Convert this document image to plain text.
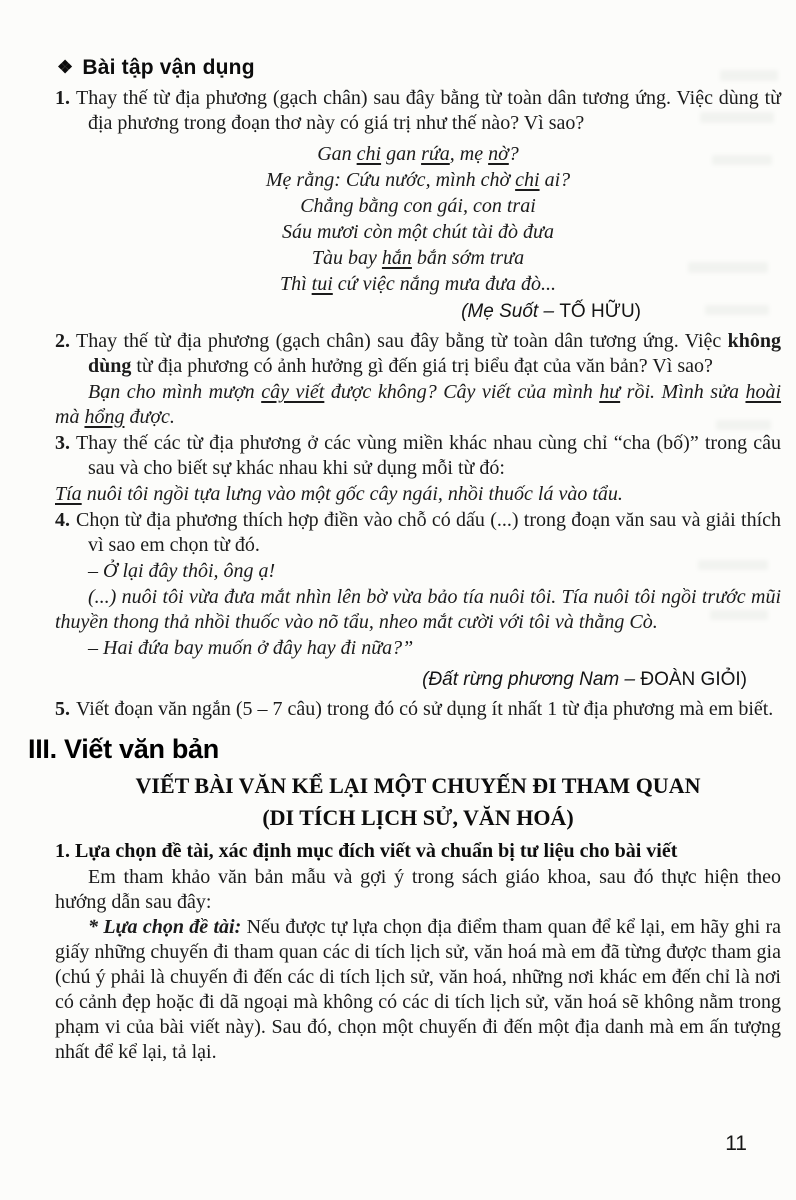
❖ Bài tập vận dụng

1. Thay thế từ địa phương (gạch chân) sau đây bằng từ toàn dân tương ứng. Việc dùng từ địa phương trong đoạn thơ này có giá trị như thế nào? Vì sao?

Gan chi gan rứa, mẹ nờ?
Mẹ rằng: Cứu nước, mình chờ chi ai?
Chẳng bằng con gái, con trai
Sáu mươi còn một chút tài đò đưa
Tàu bay hắn bắn sớm trưa
Thì tui cứ việc nắng mưa đưa đò...
(Mẹ Suốt – TỐ HỮU)

2. Thay thế từ địa phương (gạch chân) sau đây bằng từ toàn dân tương ứng. Việc không dùng từ địa phương có ảnh hưởng gì đến giá trị biểu đạt của văn bản? Vì sao?

Bạn cho mình mượn cây viết được không? Cây viết của mình hư rồi. Mình sửa hoài mà hổng được.

3. Thay thế các từ địa phương ở các vùng miền khác nhau cùng chỉ “cha (bố)” trong câu sau và cho biết sự khác nhau khi sử dụng mỗi từ đó:

Tía nuôi tôi ngồi tựa lưng vào một gốc cây ngái, nhồi thuốc lá vào tẩu.

4. Chọn từ địa phương thích hợp điền vào chỗ có dấu (...) trong đoạn văn sau và giải thích vì sao em chọn từ đó.

– Ở lại đây thôi, ông ạ!

(...) nuôi tôi vừa đưa mắt nhìn lên bờ vừa bảo tía nuôi tôi. Tía nuôi tôi ngồi trước mũi thuyền thong thả nhồi thuốc vào nõ tẩu, nheo mắt cười với tôi và thằng Cò.

– Hai đứa bay muốn ở đây hay đi nữa?”

(Đất rừng phương Nam – ĐOÀN GIỎI)

5. Viết đoạn văn ngắn (5 – 7 câu) trong đó có sử dụng ít nhất 1 từ địa phương mà em biết.

III. Viết văn bản
VIẾT BÀI VĂN KỂ LẠI MỘT CHUYẾN ĐI THAM QUAN
(DI TÍCH LỊCH SỬ, VĂN HOÁ)
1. Lựa chọn đề tài, xác định mục đích viết và chuẩn bị tư liệu cho bài viết

Em tham khảo văn bản mẫu và gợi ý trong sách giáo khoa, sau đó thực hiện theo hướng dẫn sau đây:

* Lựa chọn đề tài: Nếu được tự lựa chọn địa điểm tham quan để kể lại, em hãy ghi ra giấy những chuyến đi tham quan các di tích lịch sử, văn hoá mà em đã từng được tham gia (chú ý phải là chuyến đi đến các di tích lịch sử, văn hoá, những nơi khác em đến chỉ là nơi có cảnh đẹp hoặc đi dã ngoại mà không có các di tích lịch sử, văn hoá sẽ không nằm trong phạm vi của bài viết này). Sau đó, chọn một chuyến đi đến một địa danh mà em ấn tượng nhất để kể lại, tả lại.

11
